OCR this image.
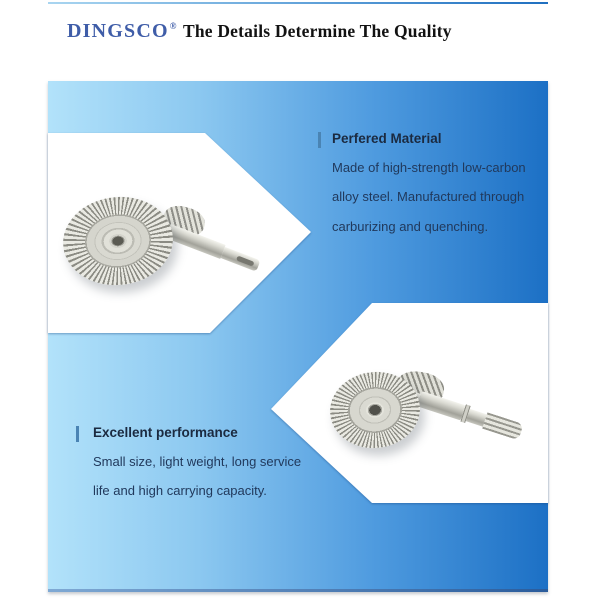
DINGSCO® The Details Determine The Quality
Perfered Material

Made of high-strength low-carbon

alloy steel. Manufactured through

carburizing and quenching.

Excellent performance

Small size, light weight, long service

life and high carrying capacity.
